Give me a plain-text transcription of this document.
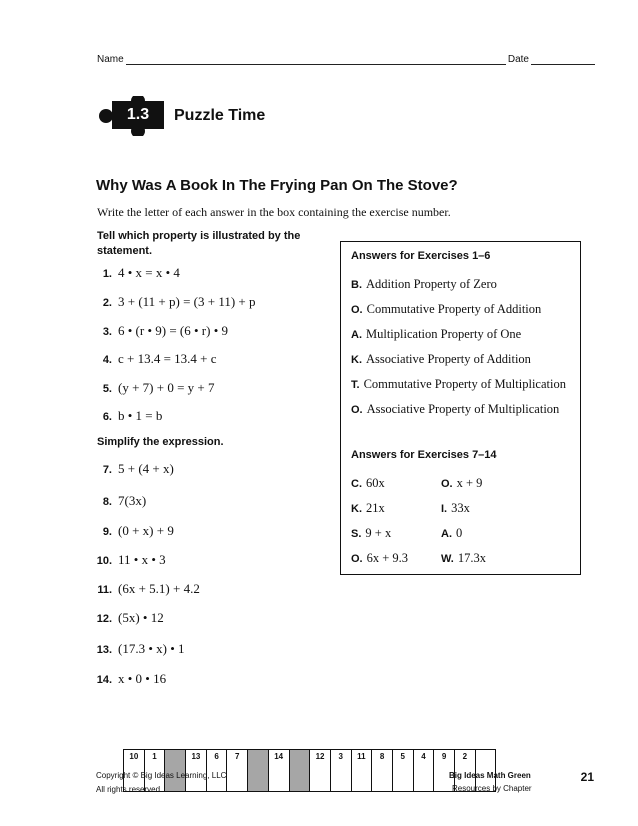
Name	Date
1.3 Puzzle Time
Why Was A Book In The Frying Pan On The Stove?
Write the letter of each answer in the box containing the exercise number.
Tell which property is illustrated by the statement.
Simplify the expression.
1. 4 • x = x • 4
2. 3 + (11 + p) = (3 + 11) + p
3. 6 • (r • 9) = (6 • r) • 9
4. c + 13.4 = 13.4 + c
5. (y + 7) + 0 = y + 7
6. b • 1 = b
7. 5 + (4 + x)
8. 7(3x)
9. (0 + x) + 9
10. 11 • x • 3
11. (6x + 5.1) + 4.2
12. (5x) • 12
13. (17.3 • x) • 1
14. x • 0 • 16
Answers for Exercises 1–6
B. Addition Property of Zero
O. Commutative Property of Addition
A. Multiplication Property of One
K. Associative Property of Addition
T. Commutative Property of Multiplication
O. Associative Property of Multiplication
Answers for Exercises 7–14
C. 60x	O. x + 9
K. 21x	I. 33x
S. 9 + x	A. 0
O. 6x + 9.3	W. 17.3x
10	1	13	6	7	14	12	3	11	8	5	4	9	2
Copyright © Big Ideas Learning, LLC
All rights reserved.
Big Ideas Math Green
Resources by Chapter
21
